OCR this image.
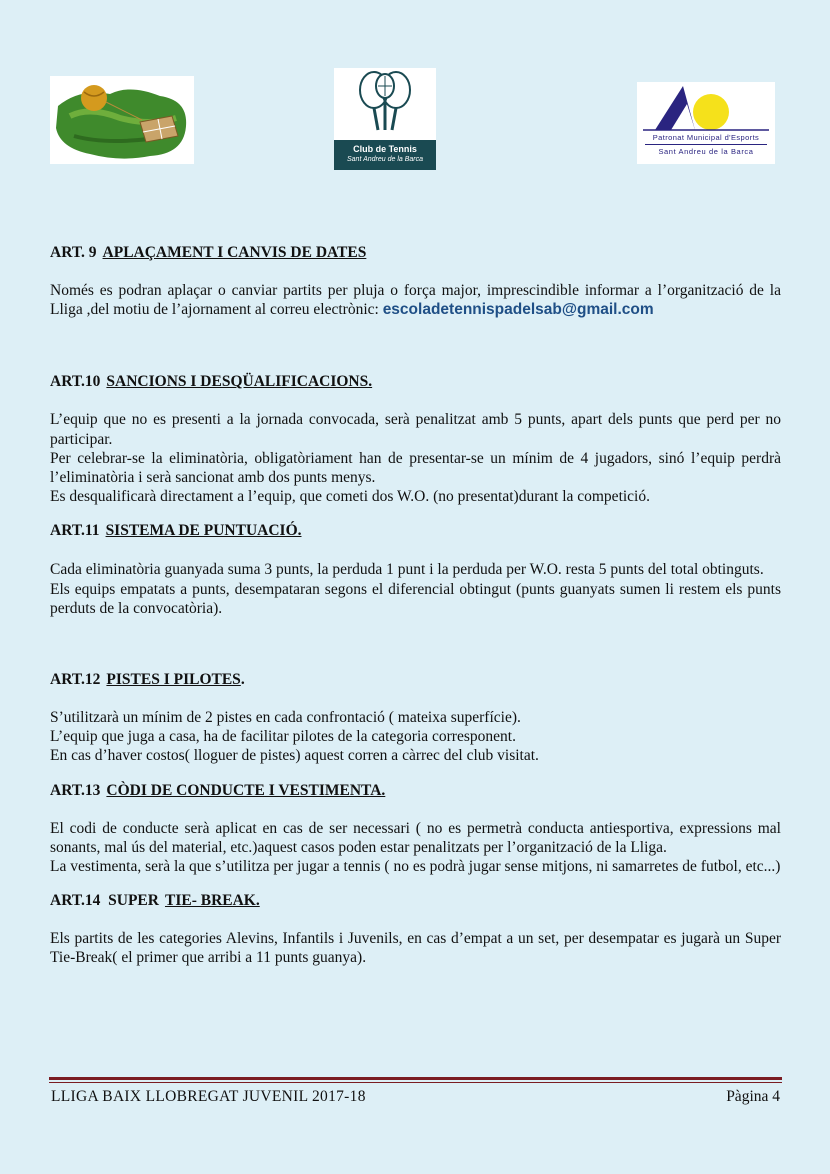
Club de Tennis
Sant Andreu de la Barca
Patronat Municipal d'Esports
Sant Andreu de la Barca

ART. 9 APLAÇAMENT I CANVIS DE DATES

Només es podran aplaçar o canviar partits per pluja o força major, imprescindible informar a l’organització de la Lliga ,del motiu de l’ajornament al correu electrònic: escoladetennispadelsab@gmail.com

ART.10 SANCIONS I DESQÜALIFICACIONS.

L’equip que no es presenti a la jornada convocada, serà penalitzat amb 5 punts, apart dels punts que perd per no participar.

Per celebrar-se la eliminatòria, obligatòriament han de presentar-se un mínim de 4 jugadors, sinó l’equip perdrà l’eliminatòria i serà sancionat amb dos punts menys.

Es desqualificarà directament a l’equip, que cometi dos W.O. (no presentat)durant la competició.

ART.11 SISTEMA DE PUNTUACIÓ.

Cada eliminatòria guanyada suma 3 punts, la perduda 1 punt i la perduda per W.O. resta 5 punts del total obtinguts.

Els equips empatats a punts, desempataran segons el diferencial obtingut (punts guanyats sumen li restem els punts perduts de la convocatòria).

ART.12 PISTES I PILOTES.

S’utilitzarà un mínim de 2 pistes en cada confrontació ( mateixa superfície).

L’equip que juga a casa, ha de facilitar pilotes de la categoria corresponent.

En cas d’haver costos( lloguer de pistes) aquest corren a càrrec del club visitat.

ART.13 CÒDI DE CONDUCTE I VESTIMENTA.

El codi de conducte serà aplicat en cas de ser necessari ( no es permetrà conducta antiesportiva, expressions mal sonants, mal ús del material, etc.)aquest casos poden estar penalitzats per l’organització de la Lliga.

La vestimenta, serà la que s’utilitza per jugar a tennis ( no es podrà jugar sense mitjons, ni samarretes de futbol, etc...)

ART.14  SUPER TIE- BREAK.

Els partits de les categories Alevins, Infantils i Juvenils, en cas d’empat a un set, per desempatar es jugarà un Super Tie-Break( el primer que arribi a 11 punts guanya).

LLIGA BAIX LLOBREGAT JUVENIL 2017-18	Pàgina 4
